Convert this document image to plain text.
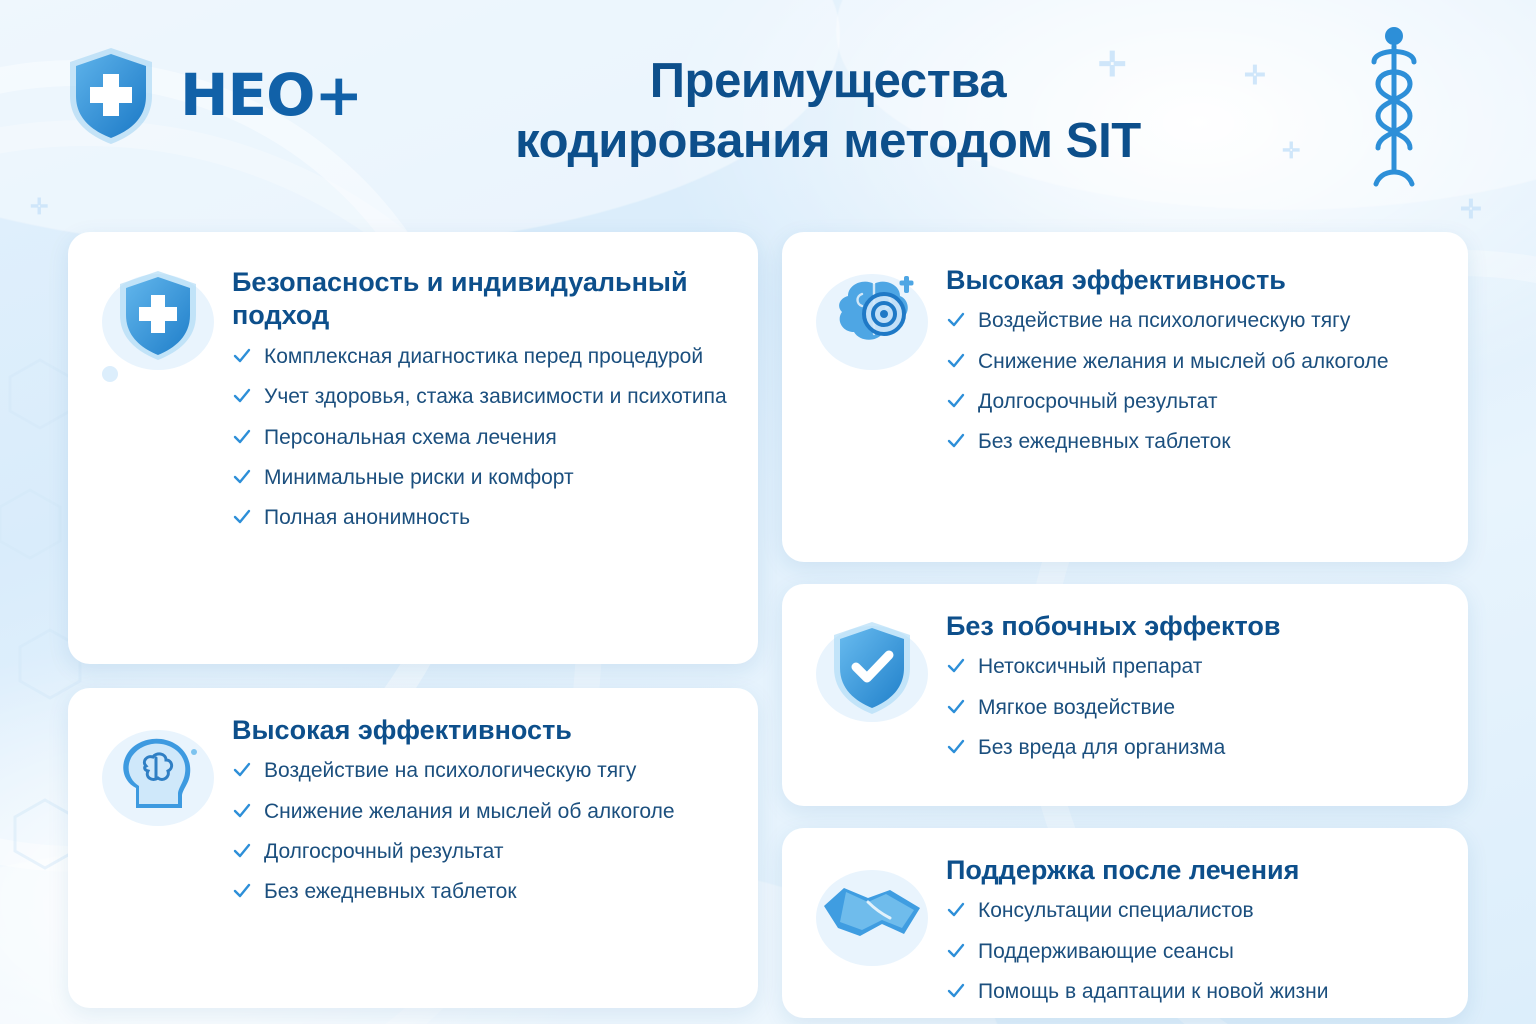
✛	✛
✛
✛
✛
HEO+	Преимущества
кодирования методом SIT
Безопасность и индивидуальный подход
Комплексная диагностика перед процедурой
Учет здоровья, стажа зависимости и психотипа
Персональная схема лечения
Минимальные риски и комфорт
Полная анонимность
Высокая эффективность
Воздействие на психологическую тягу
Снижение желания и мыслей об алкоголе
Долгосрочный результат
Без ежедневных таблеток
Высокая эффективность
Воздействие на психологическую тягу
Снижение желания и мыслей об алкоголе
Долгосрочный результат
Без ежедневных таблеток
Без побочных эффектов
Нетоксичный препарат
Мягкое воздействие
Без вреда для организма
Поддержка после лечения
Консультации специалистов
Поддерживающие сеансы
Помощь в адаптации к новой жизни
